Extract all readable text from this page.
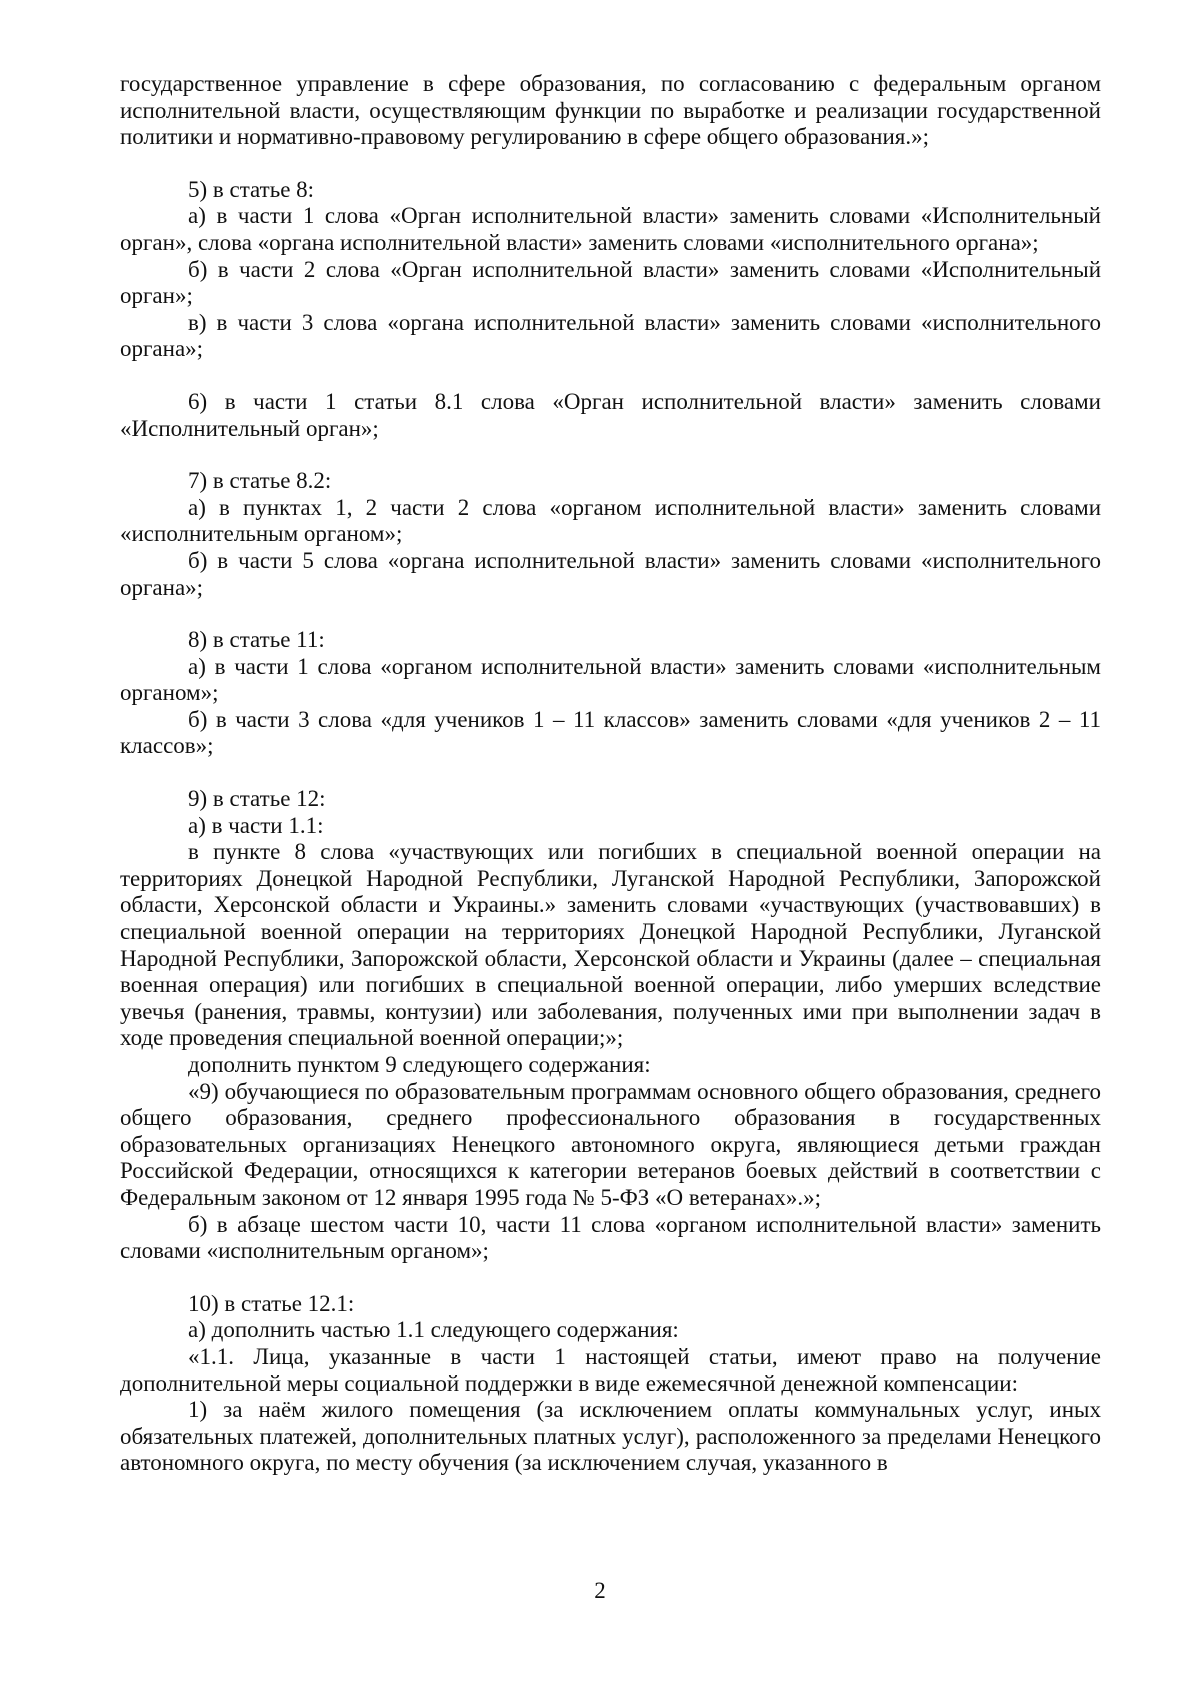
государственное управление в сфере образования, по согласованию с федеральным органом исполнительной власти, осуществляющим функции по выработке и реализации государственной политики и нормативно-правовому регулированию в сфере общего образования.»;

5) в статье 8:

а) в части 1 слова «Орган исполнительной власти» заменить словами «Исполнительный орган», слова «органа исполнительной власти» заменить словами «исполнительного органа»;

б) в части 2 слова «Орган исполнительной власти» заменить словами «Исполнительный орган»;

в) в части 3 слова «органа исполнительной власти» заменить словами «исполнительного органа»;

6) в части 1 статьи 8.1 слова «Орган исполнительной власти» заменить словами «Исполнительный орган»;

7) в статье 8.2:

а) в пунктах 1, 2 части 2 слова «органом исполнительной власти» заменить словами «исполнительным органом»;

б) в части 5 слова «органа исполнительной власти» заменить словами «исполнительного органа»;

8) в статье 11:

а) в части 1 слова «органом исполнительной власти» заменить словами «исполнительным органом»;

б) в части 3 слова «для учеников 1 – 11 классов» заменить словами «для учеников 2 – 11 классов»;

9) в статье 12:

а) в части 1.1:

в пункте 8 слова «участвующих или погибших в специальной военной операции на территориях Донецкой Народной Республики, Луганской Народной Республики, Запорожской области, Херсонской области и Украины.» заменить словами «участвующих (участвовавших) в специальной военной операции на территориях Донецкой Народной Республики, Луганской Народной Республики, Запорожской области, Херсонской области и Украины (далее – специальная военная операция) или погибших в специальной военной операции, либо умерших вследствие увечья (ранения, травмы, контузии) или заболевания, полученных ими при выполнении задач в ходе проведения специальной военной операции;»;

дополнить пунктом 9 следующего содержания:

«9) обучающиеся по образовательным программам основного общего образования, среднего общего образования, среднего профессионального образования в государственных образовательных организациях Ненецкого автономного округа, являющиеся детьми граждан Российской Федерации, относящихся к категории ветеранов боевых действий в соответствии с Федеральным законом от 12 января 1995 года № 5-ФЗ «О ветеранах».»;

б) в абзаце шестом части 10, части 11 слова «органом исполнительной власти» заменить словами «исполнительным органом»;

10) в статье 12.1:

а) дополнить частью 1.1 следующего содержания:

«1.1. Лица, указанные в части 1 настоящей статьи, имеют право на получение дополнительной меры социальной поддержки в виде ежемесячной денежной компенсации:

1) за наём жилого помещения (за исключением оплаты коммунальных услуг, иных обязательных платежей, дополнительных платных услуг), расположенного за пределами Ненецкого автономного округа, по месту обучения (за исключением случая, указанного в

2
